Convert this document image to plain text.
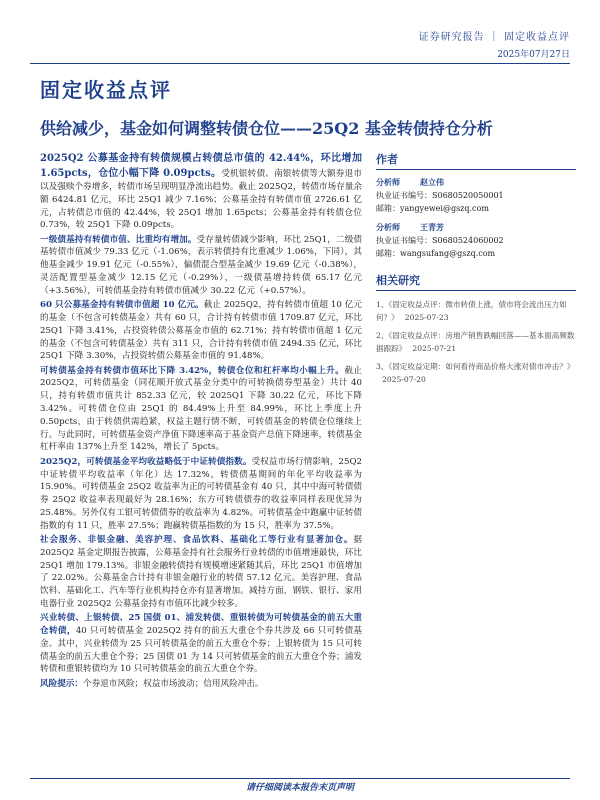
证券研究报告 ｜ 固定收益点评
2025年07月27日
固定收益点评
供给减少，基金如何调整转债仓位——25Q2 基金转债持仓分析

2025Q2 公募基金持有转债规模占转债总市值的 42.44%，环比增加 1.65pcts，仓位小幅下降 0.09pcts。受机银转债、南银转债等大额券退市以及强赎个券增多，转债市场呈现明显净流出趋势。截止 2025Q2，转债市场存量余额 6424.81 亿元，环比 25Q1 减少 7.16%；公募基金持有转债市值 2726.61 亿元，占转债总市值的 42.44%，较 25Q1 增加 1.65pcts；公募基金持有转债仓位 0.73%，较 25Q1 下降 0.09pcts。

一级债基持有转债市值、比重均有增加。受存量转债减少影响，环比 25Q1，二级债基转债市值减少 79.33 亿元（-1.06%，表示转债持有比重减少 1.06%，下同），其他基金减少 19.91 亿元（-0.55%），偏债混合型基金减少 19.69 亿元（-0.38%），灵活配置型基金减少 12.15 亿元（-0.29%），一级债基增持转债 65.17 亿元（+3.56%），可转债基金持有转债市值减少 30.22 亿元（+0.57%）。

60 只公募基金持有转债市值超 10 亿元。截止 2025Q2，持有转债市值超 10 亿元的基金（不包含可转债基金）共有 60 只，合计持有转债市值 1709.87 亿元，环比 25Q1 下降 3.41%，占投资转债公募基金市值的 62.71%；持有转债市值超 1 亿元的基金（不包含可转债基金）共有 311 只，合计持有转债市值 2494.35 亿元，环比 25Q1 下降 3.30%，占投资转债公募基金市值的 91.48%。

可转债基金持有转债市值环比下降 3.42%，转债仓位和杠杆率均小幅上升。截止 2025Q2，可转债基金（同花顺开放式基金分类中的可转换债券型基金）共计 40 只，持有转债市值共计 852.33 亿元，较 2025Q1 下降 30.22 亿元，环比下降 3.42%。可转债仓位由 25Q1 的 84.49%上升至 84.99%，环比上季度上升 0.50pcts，由于转债供需趋紧，权益主题行情不断，可转债基金的转债仓位继续上行。与此同时，可转债基金资产净值下降速率高于基金资产总值下降速率，转债基金杠杆率由 137%上升至 142%，增长了 5pcts。

2025Q2，可转债基金平均收益略低于中证转债指数。受权益市场行情影响，25Q2 中证转债平均收益率（年化）达 17.32%，转债债基期间的年化平均收益率为 15.90%。可转债基金 25Q2 收益率为正的可转债基金有 40 只，其中中海可转债债券 25Q2 收益率表现最好为 28.16%；东方可转债债券的收益率同样表现优异为 25.48%。另外仅有工银可转债债券的收益率为 4.82%。可转债基金中跑赢中证转债指数的有 11 只，胜率 27.5%；跑赢转债基指数的为 15 只，胜率为 37.5%。

社会服务、非银金融、美容护理、食品饮料、基础化工等行业有显著加仓。据 2025Q2 基金定期报告披露，公募基金持有社会服务行业转债的市值增速最快，环比 25Q1 增加 179.13%。非银金融转债持有规模增速紧随其后，环比 25Q1 市值增加了 22.02%。公募基金合计持有非银金融行业的转债 57.12 亿元。美容护理、食品饮料、基础化工、汽车等行业机构持仓亦有显著增加。减持方面，钢铁、银行、家用电器行业 2025Q2 公募基金持有市值环比减少较多。

兴业转债、上银转债、25 国债 01、浦发转债、重银转债为可转债基金的前五大重仓转债，40 只可转债基金 2025Q2 持有的前五大重仓个券共涉及 66 只可转债基金。其中，兴业转债为 25 只可转债基金的前五大重仓个券；上银转债为 15 只可转债基金的前五大重仓个券；25 国债 01 为 14 只可转债基金的前五大重仓个券；浦发转债和重银转债均为 10 只可转债基金的前五大重仓个券。

风险提示：个券退市风险；权益市场波动；信用风险冲击。

作者
分析师	赵立伟
执业证书编号：S0680520050001
邮箱：yangyewei@gszq.com
分析师	王青芳
执业证书编号：S0680524060002
邮箱：wangsufang@gszq.com
相关研究
1、《固定收益点评：微市转债上涨，债市将会流出压力如何？》 2025-07-23
2、《固定收益点评：房地产销售跌幅回落——基本面高频数据跟踪》 2025-07-21
3、《固定收益定期：如何看待商品价格大涨对债市冲击？》2025-07-20
请仔细阅读本报告末页声明
